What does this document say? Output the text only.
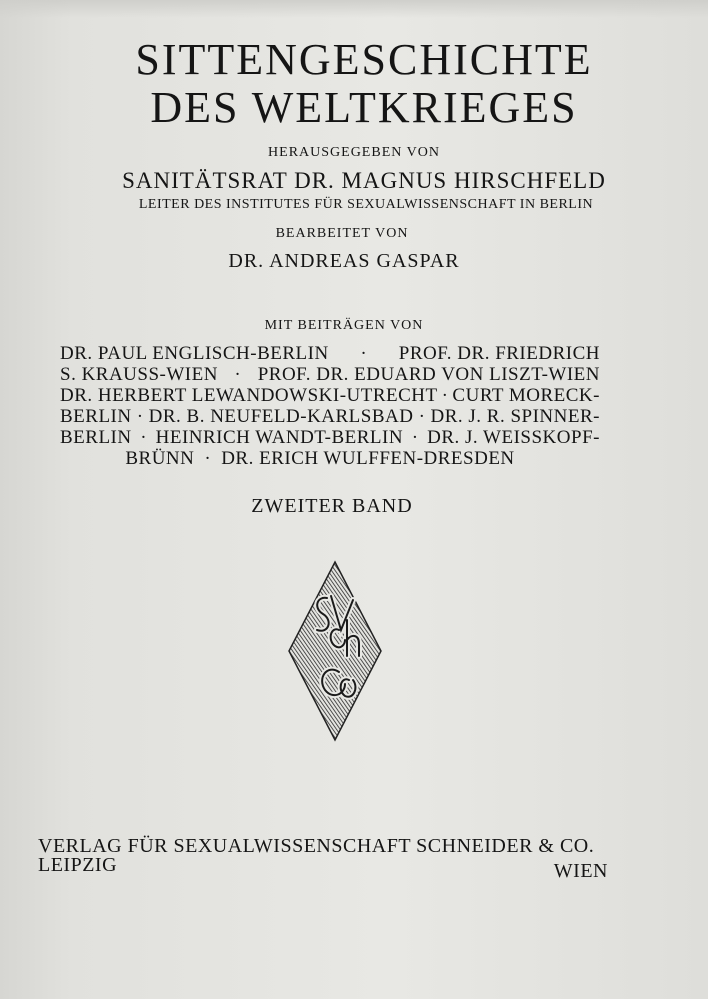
SITTENGESCHICHTE
DES WELTKRIEGES
HERAUSGEGEBEN VON
SANITÄTSRAT DR. MAGNUS HIRSCHFELD
LEITER DES INSTITUTES FÜR SEXUALWISSENSCHAFT IN BERLIN
BEARBEITET VON
DR. ANDREAS GASPAR
MIT BEITRÄGEN VON
DR. PAUL ENGLISCH-BERLIN · PROF. DR. FRIEDRICH
S. KRAUSS-WIEN · PROF. DR. EDUARD VON LISZT-WIEN
DR. HERBERT LEWANDOWSKI-UTRECHT · CURT MORECK-
BERLIN · DR. B. NEUFELD-KARLSBAD · DR. J. R. SPINNER-
BERLIN · HEINRICH WANDT-BERLIN · DR. J. WEISSKOPF-
BRÜNN · DR. ERICH WULFFEN-DRESDEN
ZWEITER BAND
VERLAG FÜR SEXUALWISSENSCHAFT SCHNEIDER & CO.
LEIPZIG	WIEN
